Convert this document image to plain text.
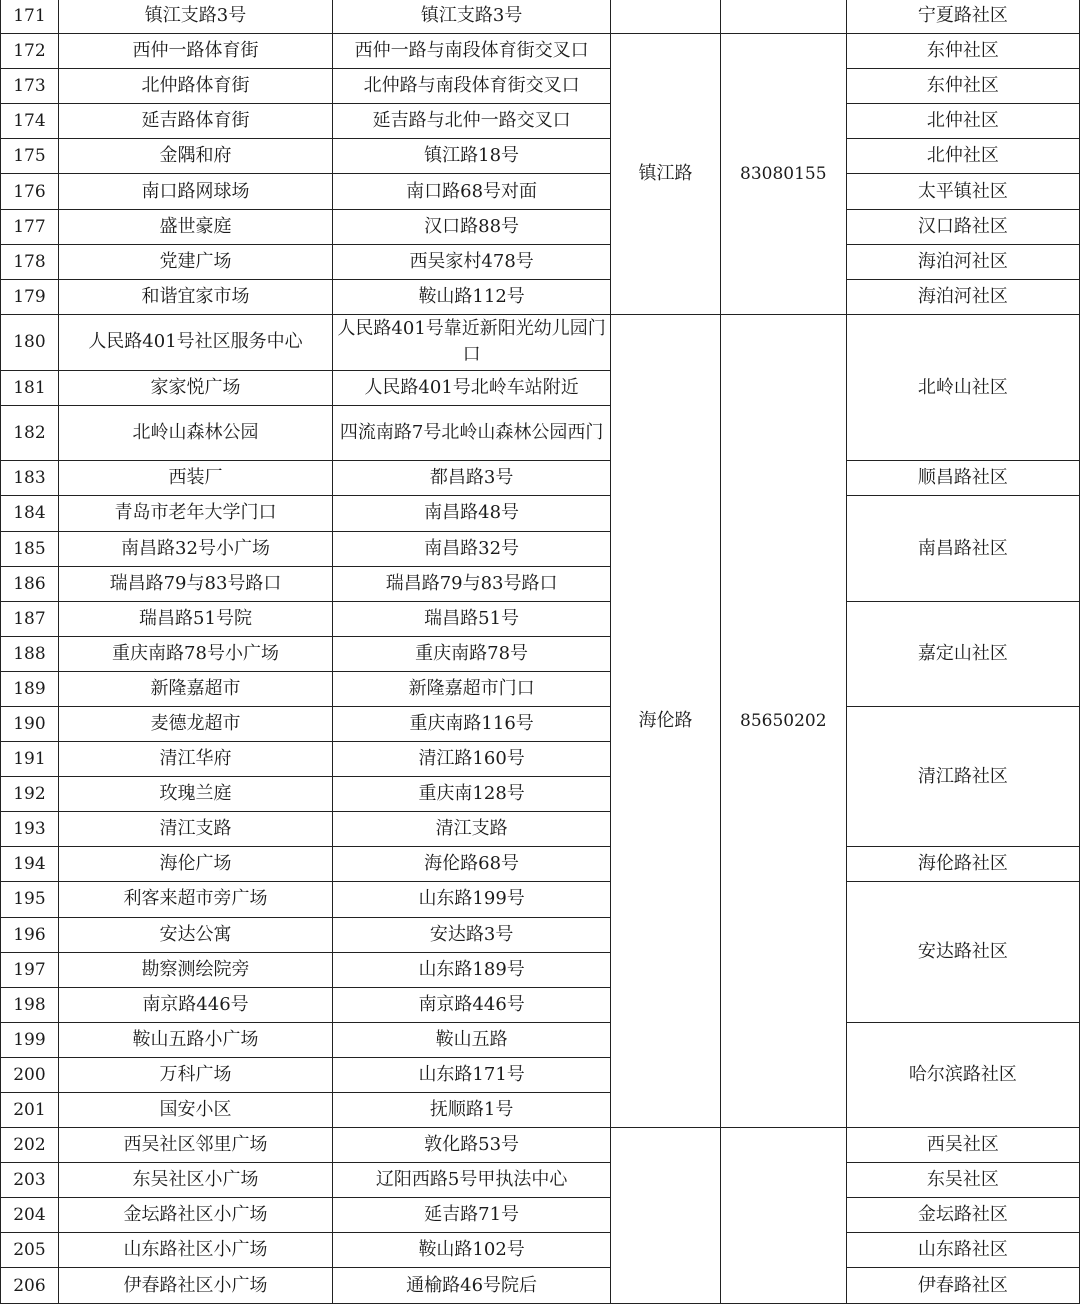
171	镇江支路3号	镇江支路3号			宁夏路社区
172	西仲一路体育街	西仲一路与南段体育街交叉口	镇江路	83080155	东仲社区
173	北仲路体育街	北仲路与南段体育街交叉口			东仲社区
174	延吉路体育街	延吉路与北仲一路交叉口			北仲社区
175	金隅和府	镇江路18号			北仲社区
176	南口路网球场	南口路68号对面			太平镇社区
177	盛世豪庭	汉口路88号			汉口路社区
178	党建广场	西吴家村478号			海泊河社区
179	和谐宜家市场	鞍山路112号			海泊河社区
180	人民路401号社区服务中心	人民路401号靠近新阳光幼儿园门口	海伦路	85650202	北岭山社区
181	家家悦广场	人民路401号北岭车站附近			
182	北岭山森林公园	四流南路7号北岭山森林公园西门			
183	西装厂	都昌路3号			顺昌路社区
184	青岛市老年大学门口	南昌路48号			南昌路社区
185	南昌路32号小广场	南昌路32号			
186	瑞昌路79与83号路口	瑞昌路79与83号路口			
187	瑞昌路51号院	瑞昌路51号			嘉定山社区
188	重庆南路78号小广场	重庆南路78号			
189	新隆嘉超市	新隆嘉超市门口			
190	麦德龙超市	重庆南路116号			清江路社区
191	清江华府	清江路160号			
192	玫瑰兰庭	重庆南128号			
193	清江支路	清江支路			
194	海伦广场	海伦路68号			海伦路社区
195	利客来超市旁广场	山东路199号			安达路社区
196	安达公寓	安达路3号			
197	勘察测绘院旁	山东路189号			
198	南京路446号	南京路446号			
199	鞍山五路小广场	鞍山五路			哈尔滨路社区
200	万科广场	山东路171号			
201	国安小区	抚顺路1号			
202	西吴社区邻里广场	敦化路53号			西吴社区
203	东吴社区小广场	辽阳西路5号甲执法中心			东吴社区
204	金坛路社区小广场	延吉路71号			金坛路社区
205	山东路社区小广场	鞍山路102号			山东路社区
206	伊春路社区小广场	通榆路46号院后			伊春路社区
